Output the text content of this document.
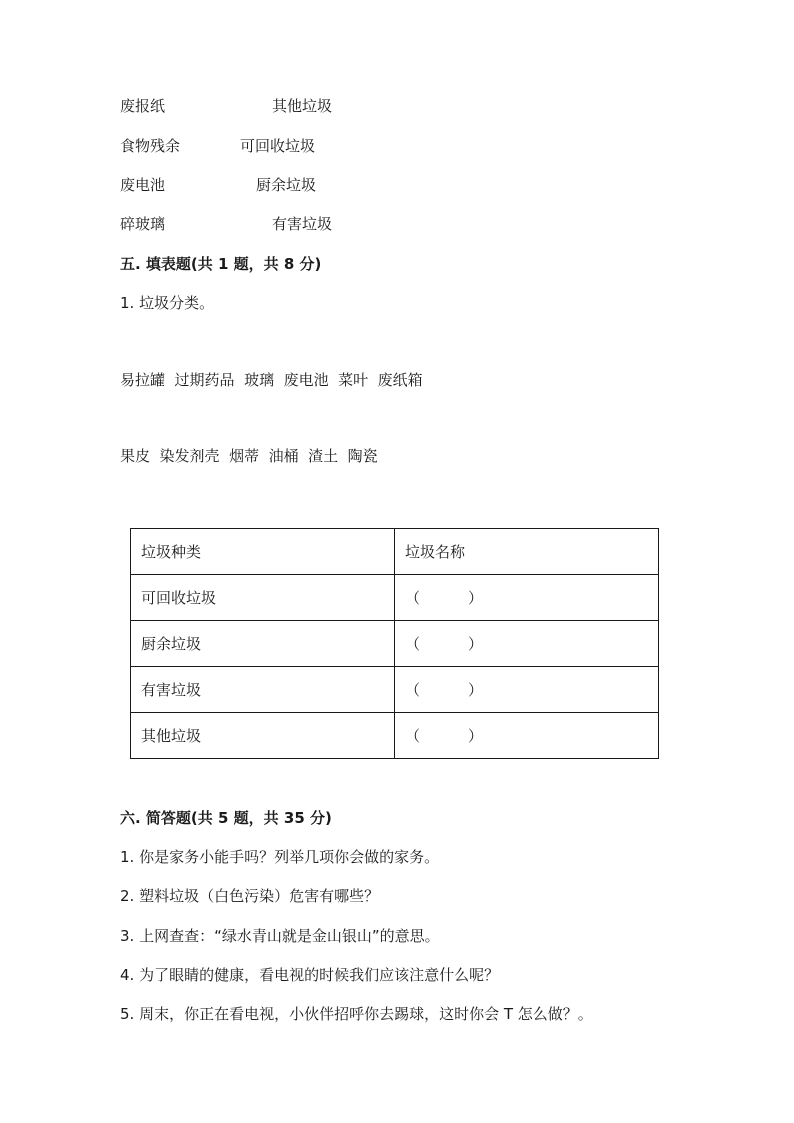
废报纸	其他垃圾
食物残余	可回收垃圾
废电池	厨余垃圾
碎玻璃	有害垃圾
五. 填表题(共 1 题，共 8 分)
1. 垃圾分类。
易拉罐  过期药品  玻璃  废电池  菜叶  废纸箱
果皮  染发剂壳  烟蒂  油桶  渣土  陶瓷
垃圾种类	垃圾名称
可回收垃圾	（ ）
厨余垃圾	（ ）
有害垃圾	（ ）
其他垃圾	（ ）
六. 简答题(共 5 题，共 35 分)
1. 你是家务小能手吗？列举几项你会做的家务。
2. 塑料垃圾（白色污染）危害有哪些？
3. 上网查查：“绿水青山就是金山银山”的意思。
4. 为了眼睛的健康，看电视的时候我们应该注意什么呢？
5. 周末，你正在看电视，小伙伴招呼你去踢球，这时你会 T 怎么做？。
